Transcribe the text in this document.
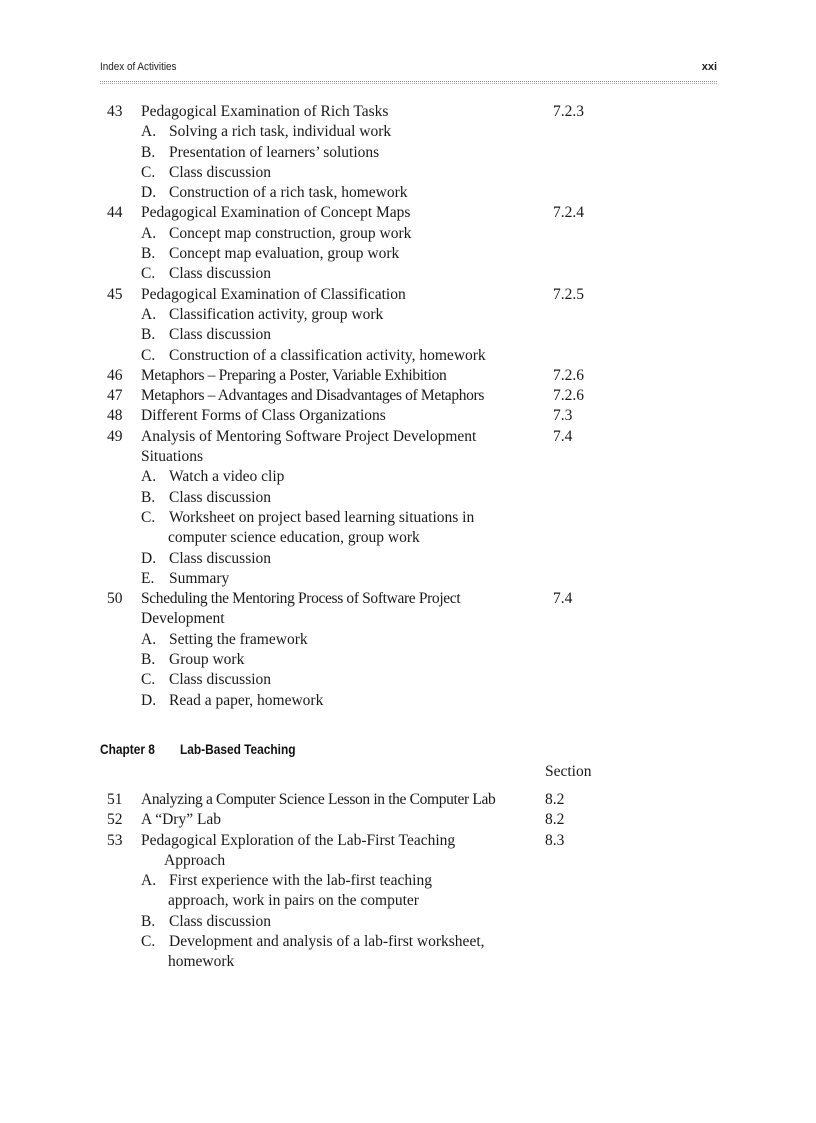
Index of Activities	xxi
43 Pedagogical Examination of Rich Tasks	7.2.3
A. Solving a rich task, individual work
B. Presentation of learners’ solutions
C. Class discussion
D. Construction of a rich task, homework
44 Pedagogical Examination of Concept Maps	7.2.4
A. Concept map construction, group work
B. Concept map evaluation, group work
C. Class discussion
45 Pedagogical Examination of Classification	7.2.5
A. Classification activity, group work
B. Class discussion
C. Construction of a classification activity, homework
46 Metaphors – Preparing a Poster, Variable Exhibition	7.2.6
47 Metaphors – Advantages and Disadvantages of Metaphors	7.2.6
48 Different Forms of Class Organizations	7.3
49 Analysis of Mentoring Software Project Development	7.4
Situations
A. Watch a video clip
B. Class discussion
C. Worksheet on project based learning situations in
computer science education, group work
D. Class discussion
E. Summary
50 Scheduling the Mentoring Process of Software Project	7.4
Development
A. Setting the framework
B. Group work
C. Class discussion
D. Read a paper, homework
Chapter 8 Lab-Based Teaching
Section
51 Analyzing a Computer Science Lesson in the Computer Lab	8.2
52 A “Dry” Lab	8.2
53 Pedagogical Exploration of the Lab-First Teaching	8.3
Approach
A. First experience with the lab-first teaching
approach, work in pairs on the computer
B. Class discussion
C. Development and analysis of a lab-first worksheet,
homework
